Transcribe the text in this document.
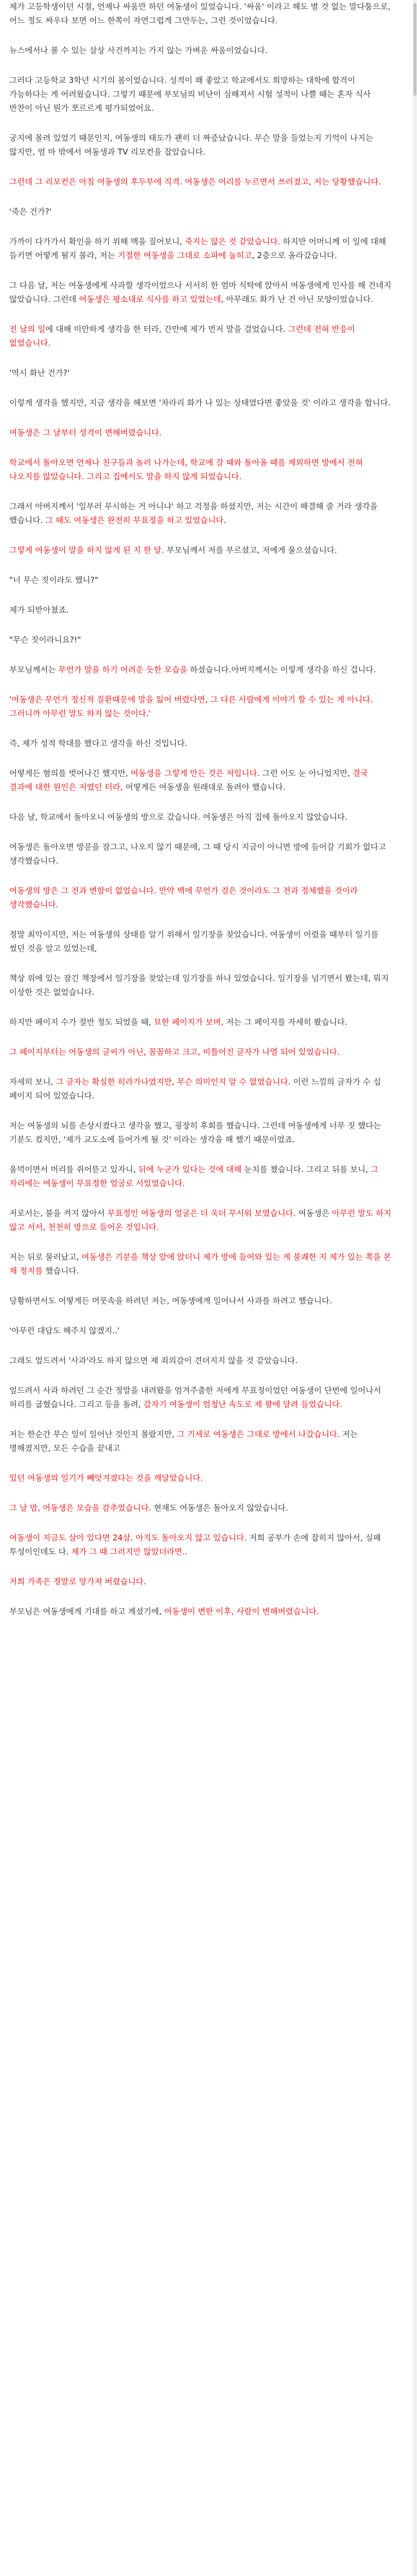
제가 고등학생이던 시절, 언제나 싸움만 하던 여동생이 있었습니다. '싸움' 이라고 해도 별 것 없는 말다툼으로, 어느 정도 싸우다 보면 어느 한쪽이 자연그럽게 그만두는, 그런 것이었습니다.

뉴스에서나 볼 수 있는 살상 사건까지는 가지 않는 가벼운 싸움이었습니다.

그러다 고등학교 3학년 시기의 봄이었습니다. 성적이 꽤 좋았고 학교에서도 희망하는 대학에 합격이 가능하다는 게 어려웠습니다. 그렇기 때문에 부모님의 비난이 심해져서 시험 성적이 나쁠 때는 혼자 식사 반찬이 아닌 뭔가 쪼르르게 평가되었어요.

궁지에 몰려 있었기 때문인지, 여동생의 태도가 괜히 더 짜증났습니다. 무슨 말을 들었는지 기억이 나지는 않지만, 엄 마 밖에서 여동생과 TV 리모컨을 잡았습니다.

그런데 그 리모컨은 아침 여동생의 후두부에 직격. 여동생은 어리를 누르면서 쓰러졌고, 저는 당황했습니다.

'죽은 건가?'

가까이 다가가서 확인을 하기 위해 맥을 짚어보니, 죽지는 않은 것 같았습니다. 하지만 어머니께 이 일에 대해 들키면 어떻게 될지 몰라, 저는 기절한 여동생을 그대로 소파에 눕히고, 2층으로 올라갔습니다.

그 다음 날, 저는 여동생에게 사과할 생각이었으나 서서히 한 엄마 식탁에 앉아서 여동생에게 인사를 해 건네지 않았습니다. 그런데 여동생은 평소대로 식사를 하고 있었는데, 아무래도 화가 난 건 아닌 모양이었습니다.

전 날의 일에 대해 미안하게 생각을 한 터라, 간만에 제가 먼저 말을 걸었습니다. 그런데 전혀 반응이 없었습니다.

'역시 화난 건가?'

이렇게 생각을 했지만, 지금 생각을 해보면 '차라리 화가 나 있는 상태였다면 좋았을 것' 이라고 생각을 합니다.

여동생은 그 날부터 성격이 변해버렸습니다.

학교에서 돌아오면 언제나 친구들과 놀러 나가는데, 학교에 갈 때와 돌아올 때를 제외하면 방에서 전혀 나오지를 않았습니다. 그리고 집에서도 말을 하지 않게 되었습니다.

그래서 아버지께서 '일부러 무시하는 거 아니냐' 하고 걱정을 하셨지만, 저는 시간이 해결해 줄 거라 생각을 했습니다. 그 때도 여동생은 완전히 무표정을 하고 있었습니다.

그렇게 여동생이 말을 하지 않게 된 지 한 달. 부모님께서 저를 부르셨고, 저에게 물으셨습니다.

"너 무슨 짓이라도 했니?"

제가 되받아쳤죠.

"무슨 짓이라니요?!"

부모님께서는 무언가 말을 하기 어려운 듯한 모습을 하셨습니다.아버지께서는 이렇게 생각을 하신 겁니다.

'여동생은 무언가 정신적 질환때문에 말을 잃어 버렸다면, 그 다른 사람에게 이야기 할 수 있는 게 아니다. 그러니까 아무런 말도 하지 않는 것이다.'

즉, 제가 성적 학대를 했다고 생각을 하신 것입니다.

어떻게든 혐의를 벗어나긴 했지만, 여동생을 그렇게 만든 것은 저입니다. 그런 이도 눈 아니었지만, 결국 결과에 대한 원인은 저였던 터라, 어떻게든 여동생을 원래대로 돌려야 했습니다.

다음 날, 학교에서 돌아오니 여동생의 방으로 갔습니다. 여동생은 아직 집에 돌아오지 않았습니다.

여동생은 돌아오면 방문을 잠그고, 나오지 않기 때문에, 그 때 당시 지금이 아니면 방에 들어갈 기회가 없다고 생각했습니다.

여동생의 방은 그 전과 변함이 없었습니다. 만약 백에 무언가 검은 것이라도 그 전과 정체했을 것이라 생각했습니다.

정말 최악이지만, 저는 여동생의 상태를 알기 위해서 일기장을 찾았습니다. 여동생이 어렸을 때부터 일기를 썼던 것을 알고 있었는데,

책상 위에 있는 잠긴 책장에서 일기장을 찾았는데 일기장을 하나 있었습니다. 일기장을 넘기면서 봤는데, 뭐지 이상한 것은 없었습니다.

하지만 페이지 수가 절반 정도 되었을 때, 묘한 페이지가 보며, 저는 그 페이지를 자세히 봤습니다.

그 페이지부터는 여동생의 글씨가 아닌, 꼼꼼하고 크고, 비틀어진 글자가 나열 되어 있었습니다.

자세히 보니, 그 글자는 확실한 히라가나였지만, 무슨 의미인지 알 수 없었습니다. 이런 느낌의 글자가 수 십 페이지 되어 있었습니다.

저는 여동생의 뇌를 손상시켰다고 생각을 했고, 굉장히 후회를 했습니다. 그런데 여동생에게 너무 짓 했다는 기분도 컸지만, '제가 교도소에 들어가게 될 것' 이라는 생각을 해 했기 때문이었죠.

울먹이면서 머리를 쥐어뜯고 있자니, 뒤에 누군가 있다는 것에 대해 눈치를 챘습니다. 그리고 뒤를 보니, 그 자리에는 여동생이 무표정한 얼굴로 서있었습니다.

저로서는, 불을 켜지 않아서 무표정인 여동생의 얼굴은 더 욱더 무서워 보였습니다. 여동생은 아무런 말도 하지 않고 서서, 천천히 방으로 들어온 것입니다.

저는 뒤로 물러났고, 여동생은 기분을 책상 앞에 앉더니 제가 방에 들어와 있는 게 불쾌한 지 제가 있는 쪽을 본 채 정지를 했습니다.

당황하면서도 어떻게든 머뭇속을 하려던 저는, 여동생에게 일어나서 사과를 하려고 했습니다.

'아무런 대답도 해주지 않겠지..'

그래도 엎드려서 '사과'라도 하지 않으면 제 죄의감이 견뎌지지 않을 것 같았습니다.

엎드려서 사과 하려던 그 순간 정말을 내려왔을 엄겨주춤한 저에게 무표정이었던 여동생이 단번에 일어나서 허리를 굽혔습니다. 그리고 등을 돌려, 갑자기 여동생이 엄청난 속도로 제 팔에 달려 들었습니다.

저는 한순간 무슨 일이 일어난 것인지 몰랐지만, 그 기세로 여동생은 그대로 방에서 나갔습니다. 저는 명해졌지만, 모든 수습을 끝내고

있던 여동생의 일기가 빼앗겨졌다는 것을 깨달았습니다.

그 날 밤, 여동생은 모습을 감추었습니다. 현재도 여동생은 돌아오지 않았습니다.

여동생이 지금도 살아 있다면 24살. 아직도 돌아오지 않고 있습니다. 저희 공부가 손에 잡히지 않아서, 실패 투성이인데도 다. 제가 그 때 그러지만 않았더라면..

저희 가족은 정말로 망가져 버렸습니다.

부모님은 여동생에게 기대를 하고 계셨기에, 여동생이 변한 이후, 사람이 변해버렸습니다.
